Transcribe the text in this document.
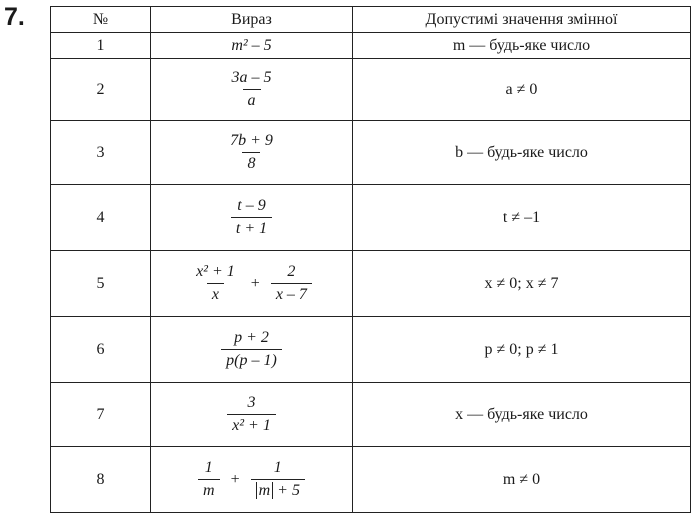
7.	№	Вираз	Допустимі значення змінної
1	m² – 5	m — будь-яке число
2	$\frac{3a - 5}{a}$	a ≠ 0
3	$\frac{7b + 9}{8}$	b — будь-яке число
4	$\frac{t - 9}{t + 1}$	t ≠ –1
5	$\frac{\text{x² + 1}}{x} + \frac{2}{x - 7}$	x ≠ 0; x ≠ 7
6	$\frac{p + 2}{p(p - 1)}$	p ≠ 0; p ≠ 1
7	$\frac{3}{\text{x² + 1}}$	x — будь-яке число
8	$\frac{1}{m} + \frac{1}{m + 5}$	m ≠ 0
